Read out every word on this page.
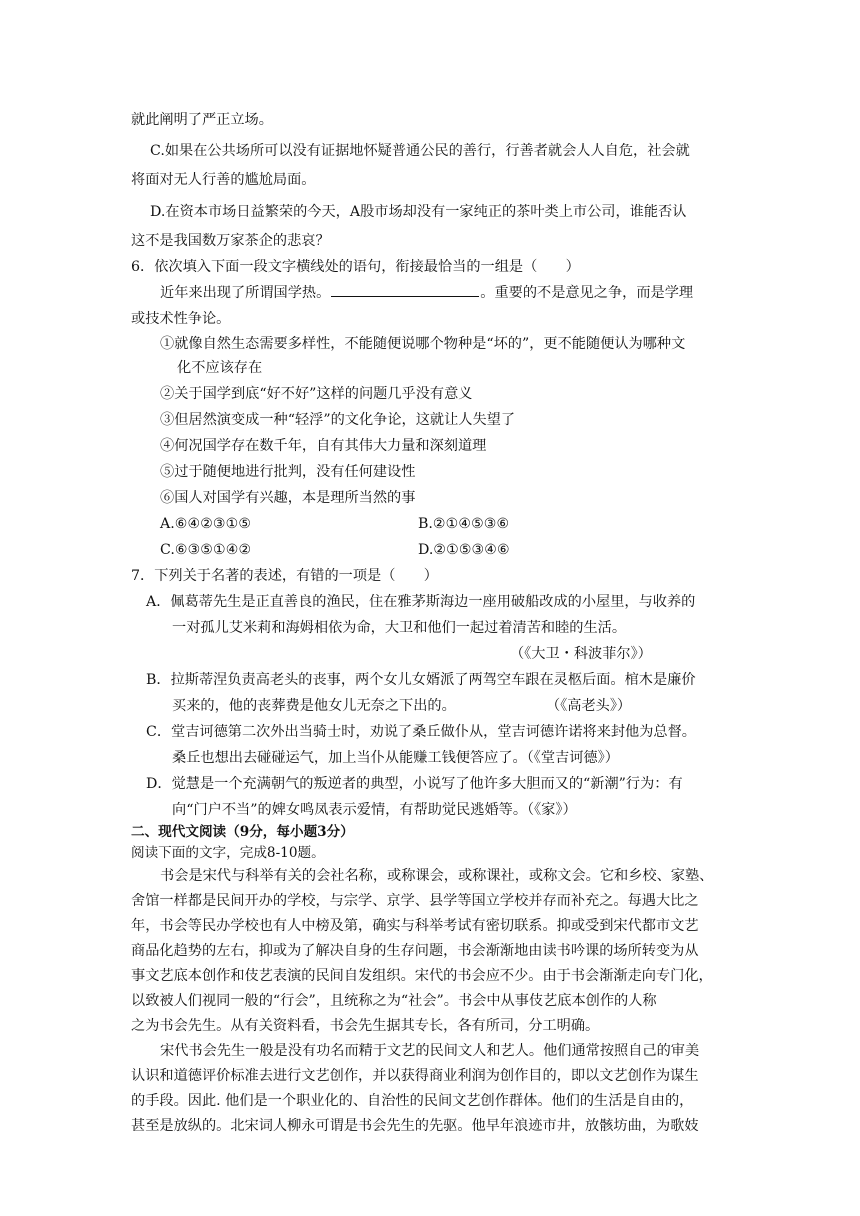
就此阐明了严正立场。
C.如果在公共场所可以没有证据地怀疑普通公民的善行，行善者就会人人自危，社会就
将面对无人行善的尴尬局面。
D.在资本市场日益繁荣的今天，A股市场却没有一家纯正的茶叶类上市公司，谁能否认
这不是我国数万家茶企的悲哀？
6．依次填入下面一段文字横线处的语句，衔接最恰当的一组是（　　）
近年来出现了所谓国学热。	。重要的不是意见之争，而是学理
或技术性争论。
①就像自然生态需要多样性，不能随便说哪个物种是“坏的”，更不能随便认为哪种文
化不应该存在
②关于国学到底“好不好”这样的问题几乎没有意义
③但居然演变成一种“轻浮”的文化争论，这就让人失望了
④何况国学存在数千年，自有其伟大力量和深刻道理
⑤过于随便地进行批判，没有任何建设性
⑥国人对国学有兴趣，本是理所当然的事
A.⑥④②③①⑤	B.②①④⑤③⑥
C.⑥③⑤①④②	D.②①⑤③④⑥
7．下列关于名著的表述，有错的一项是（　　）
A．佩葛蒂先生是正直善良的渔民，住在雅茅斯海边一座用破船改成的小屋里，与收养的
一对孤儿艾米莉和海姆相依为命，大卫和他们一起过着清苦和睦的生活。
（《大卫・科波菲尔》）
B．拉斯蒂涅负责高老头的丧事，两个女儿女婿派了两驾空车跟在灵柩后面。棺木是廉价
买来的，他的丧葬费是他女儿无奈之下出的。	（《高老头》）
C．堂吉诃德第二次外出当骑士时，劝说了桑丘做仆从，堂吉诃德许诺将来封他为总督。
桑丘也想出去碰碰运气，加上当仆从能赚工钱便答应了。（《堂吉诃德》）
D．觉慧是一个充满朝气的叛逆者的典型，小说写了他许多大胆而又的“新潮”行为：有
向“门户不当”的婢女鸣凤表示爱情，有帮助觉民逃婚等。（《家》）
二、现代文阅读（9分，每小题3分）
阅读下面的文字，完成8-10题。
书会是宋代与科举有关的会社名称，或称课会，或称课社，或称文会。它和乡校、家塾、
舍馆一样都是民间开办的学校，与宗学、京学、县学等国立学校并存而补充之。每遇大比之
年，书会等民办学校也有人中榜及第，确实与科举考试有密切联系。抑或受到宋代都市文艺
商品化趋势的左右，抑或为了解决自身的生存问题，书会渐渐地由读书吟课的场所转变为从
事文艺底本创作和伎艺表演的民间自发组织。宋代的书会应不少。由于书会渐渐走向专门化，
以致被人们视同一般的“行会”，且统称之为“社会”。书会中从事伎艺底本创作的人称
之为书会先生。从有关资料看，书会先生据其专长，各有所司，分工明确。
宋代书会先生一般是没有功名而精于文艺的民间文人和艺人。他们通常按照自己的审美
认识和道德评价标准去进行文艺创作，并以获得商业利润为创作目的，即以文艺创作为谋生
的手段。因此. 他们是一个职业化的、自治性的民间文艺创作群体。他们的生活是自由的，
甚至是放纵的。北宋词人柳永可谓是书会先生的先驱。他早年浪迹市井，放骸坊曲，为歌妓
